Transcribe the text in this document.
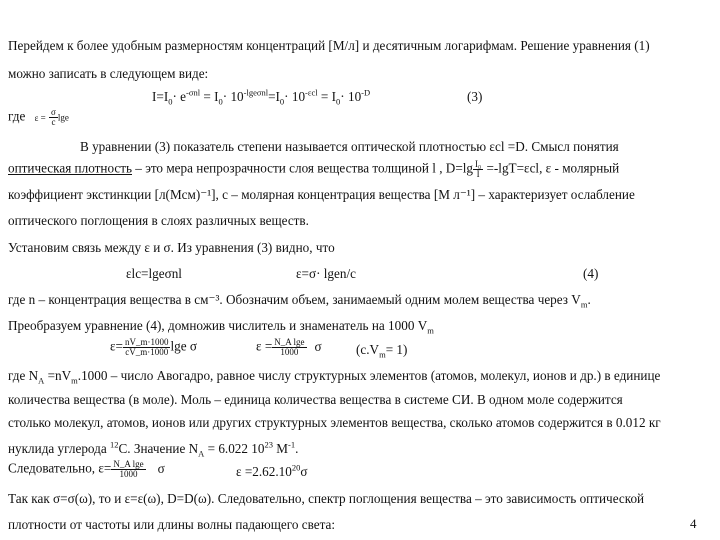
Перейдем к более удобным размерностям концентраций [М/л] и десятичным логарифмам. Решение уравнения (1)
можно записать в следующем виде:
$I=I_0\cdot e^{-\sigma nl} = I_0\cdot 10^{-lge\sigma nl}=I_0\cdot 10^{-\varepsilon cl} = I_0\cdot 10^{-D}$	(3)
где $\varepsilon = \frac{\sigma}{c}$ lge
В уравнении (3) показатель степени называется оптической плотностью εcl =D. Смысл понятия
оптическая плотность – это мера непрозрачности слоя вещества толщиной l , $D=\lg \frac{\text{I₀}}{I} =-\lg T=\varepsilon cl$, ε - молярный
коэффициент экстинкции [л(Мсм)⁻¹], с – молярная концентрация вещества [М л⁻¹] – характеризует ослабление
оптического поглощения в слоях различных веществ.
Установим связь между ε и σ. Из уравнения (3) видно, что
εlc=lgeσnl	ε=σ· lgen/c	(4)
где n – концентрация вещества в см⁻³. Обозначим объем, занимаемый одним молем вещества через $V_m$.
Преобразуем уравнение (4), домножив числитель и знаменатель на 1000 $V_m$
$\varepsilon= \frac{nV\_m\cdot 1000}{cV\_m\cdot 1000}$ lge σ	$\varepsilon = \frac{\text{N\_A lge}}{1000}$ σ	$(c.V_m= 1)$
где $N_A =nV_m.1000$ – число Авогадро, равное числу структурных элементов (атомов, молекул, ионов и др.) в единице
количества вещества (в моле). Моль – единица количества вещества в системе СИ. В одном моле содержится
столько молекул, атомов, ионов или других структурных элементов вещества, сколько атомов содержится в 0.012 кг
нуклида углерода $^{12}$C. Значение $N_A = 6.022$ $10^{23}$ $M^{-1}$.
Следовательно, $\varepsilon= \frac{\text{N\_A lge}}{1000}$ σ	$\varepsilon =2.62.10^{20}\sigma$
Так как σ=σ(ω), то и ε=ε(ω), D=D(ω). Следовательно, спектр поглощения вещества – это зависимость оптической
плотности от частоты или длины волны падающего света:	4
